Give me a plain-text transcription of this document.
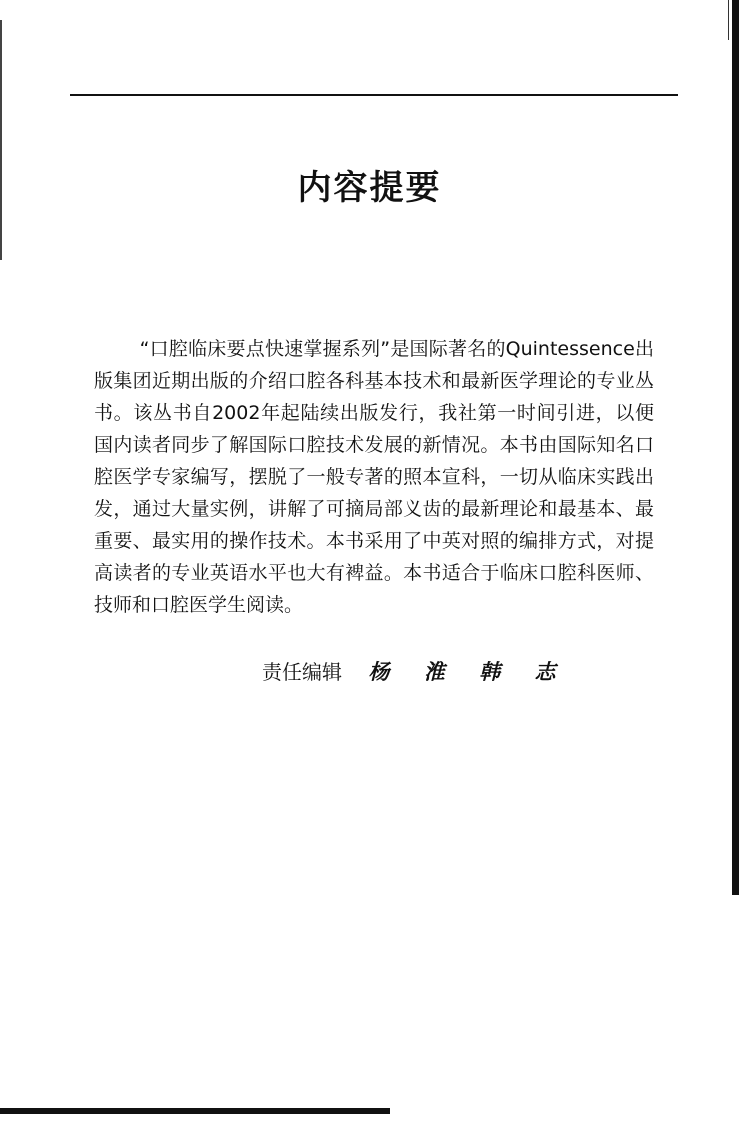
内容提要

“口腔临床要点快速掌握系列”是国际著名的Quintessence出版集团近期出版的介绍口腔各科基本技术和最新医学理论的专业丛书。该丛书自2002年起陆续出版发行，我社第一时间引进，以便国内读者同步了解国际口腔技术发展的新情况。本书由国际知名口腔医学专家编写，摆脱了一般专著的照本宣科，一切从临床实践出发，通过大量实例，讲解了可摘局部义齿的最新理论和最基本、最重要、最实用的操作技术。本书采用了中英对照的编排方式，对提高读者的专业英语水平也大有裨益。本书适合于临床口腔科医师、技师和口腔医学生阅读。

责任编辑 杨 淮 韩 志
